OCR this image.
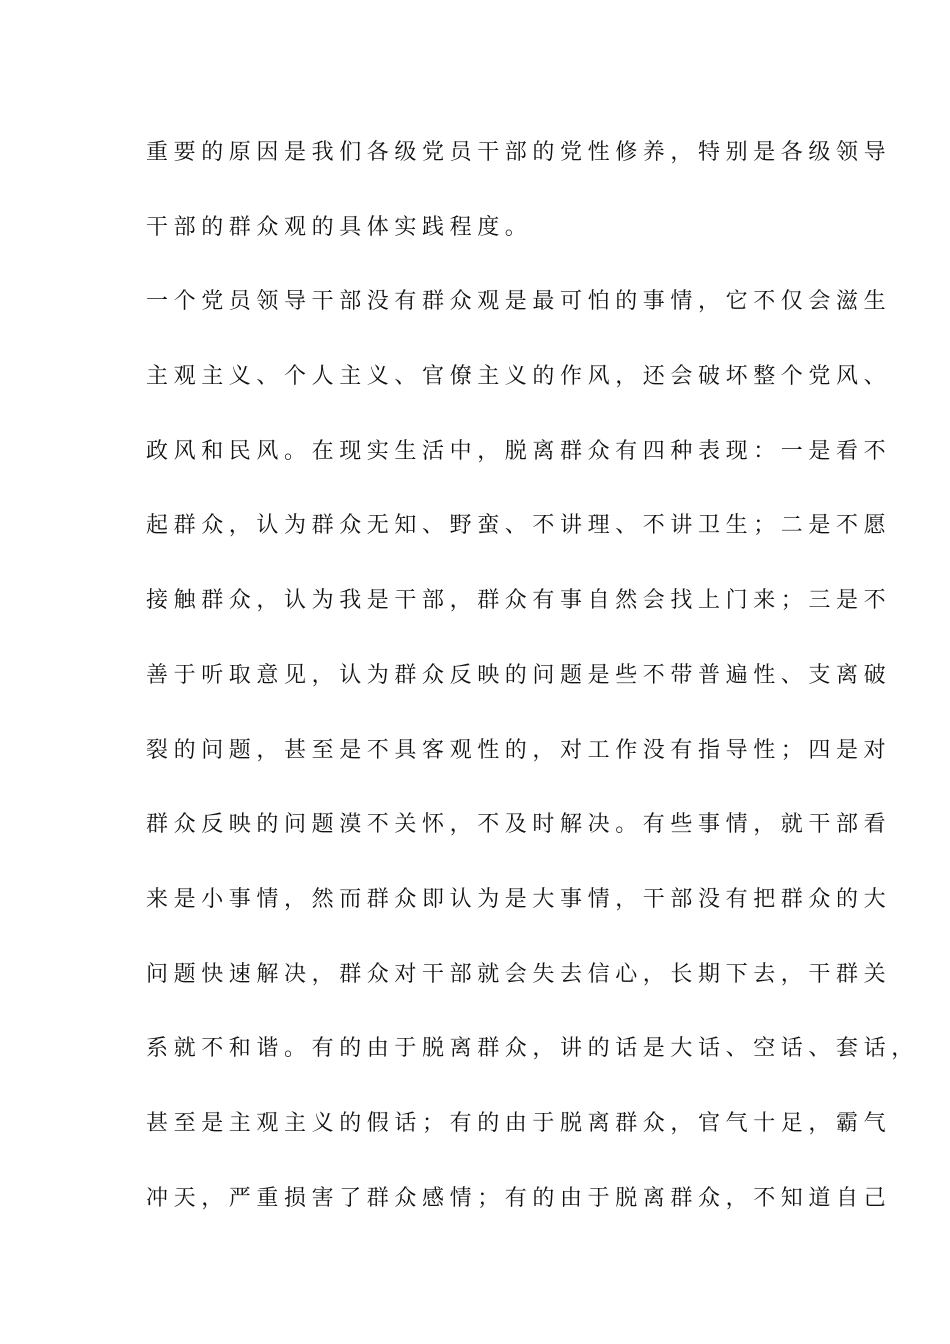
重要的原因是我们各级党员干部的党性修养，特别是各级领导
干部的群众观的具体实践程度。
一个党员领导干部没有群众观是最可怕的事情，它不仅会滋生
主观主义、个人主义、官僚主义的作风，还会破坏整个党风、
政风和民风。在现实生活中，脱离群众有四种表现：一是看不
起群众，认为群众无知、野蛮、不讲理、不讲卫生；二是不愿
接触群众，认为我是干部，群众有事自然会找上门来；三是不
善于听取意见，认为群众反映的问题是些不带普遍性、支离破
裂的问题，甚至是不具客观性的，对工作没有指导性；四是对
群众反映的问题漠不关怀，不及时解决。有些事情，就干部看
来是小事情，然而群众即认为是大事情，干部没有把群众的大
问题快速解决，群众对干部就会失去信心，长期下去，干群关
系就不和谐。有的由于脱离群众，讲的话是大话、空话、套话，
甚至是主观主义的假话；有的由于脱离群众，官气十足，霸气
冲天，严重损害了群众感情；有的由于脱离群众，不知道自己
